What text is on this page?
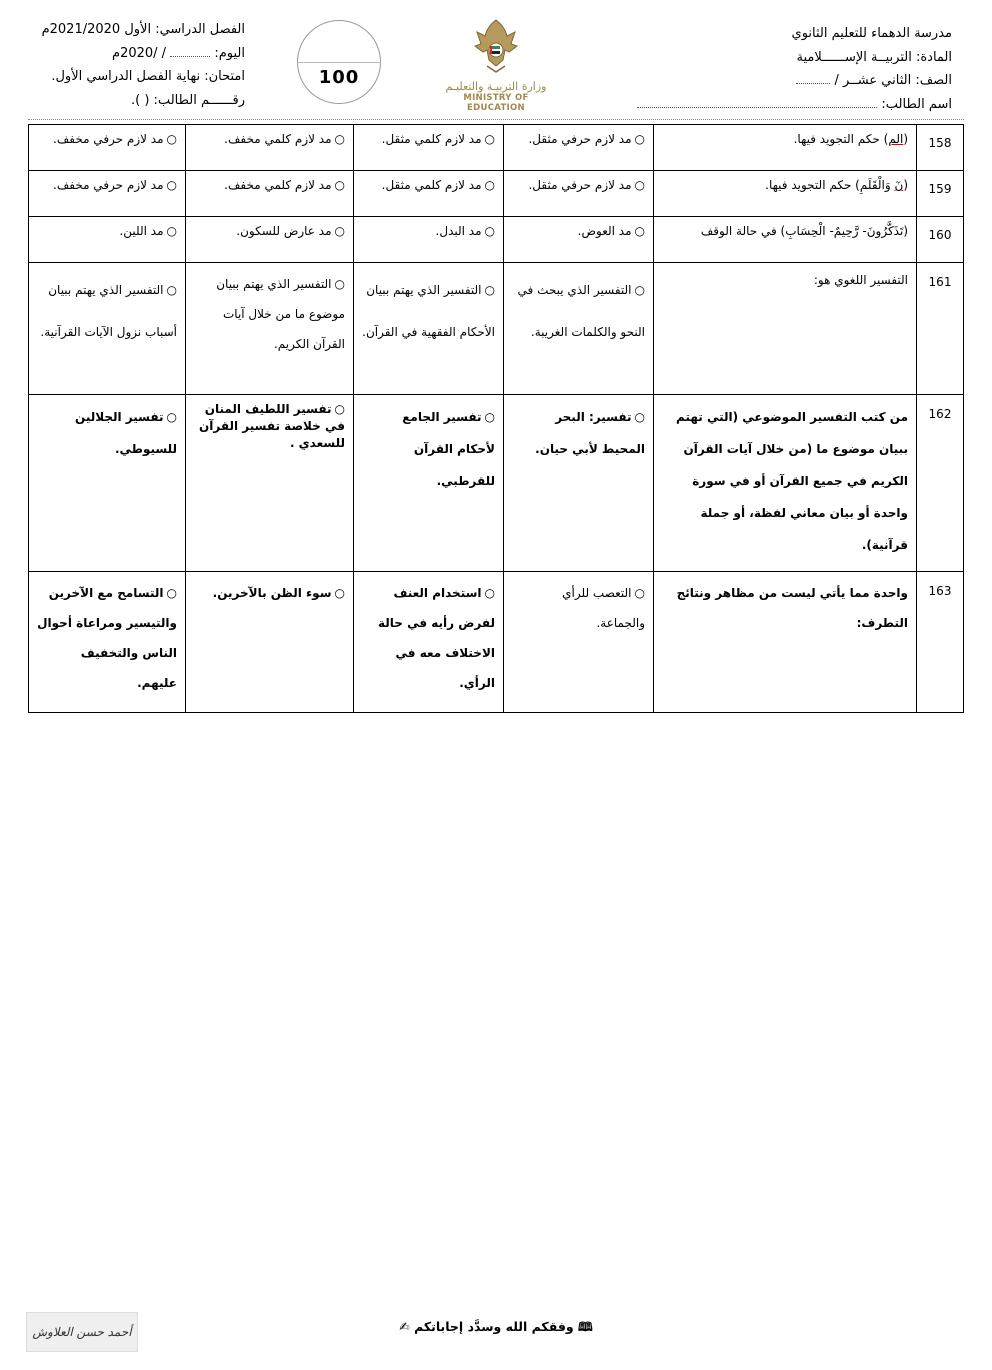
مدرسة الدهماء للتعليم الثانوي
المادة: التربيــة الإســــــلامية
الصف: الثاني عشــر /
اسم الطالب:
الفصل الدراسي: الأول 2021/2020م
اليوم:  / /2020م
امتحان: نهاية الفصل الدراسي الأول.
رقــــــم الطالب: ( ).
100	وزارة التربيـة والتعليـم
MINISTRY OF EDUCATION
158	(الم) حكم التجويد فيها.	○مد لازم حرفي مثقل.	○مد لازم كلمي مثقل.	○مد لازم كلمي مخفف.	○مد لازم حرفي مخفف.
159	(نٓ وَالْقَلَمِ) حكم التجويد فيها.	○مد لازم حرفي مثقل.	○مد لازم كلمي مثقل.	○مد لازم كلمي مخفف.	○مد لازم حرفي مخفف.
160	(تَذَكَّرُونَ- رَّحِيمٌ- الْحِسَابِ) في حالة الوقف	○مد العوض.	○مد البدل.	○مد عارض للسكون.	○مد اللين.
161	التفسير اللغوي هو:	○التفسير الذي يبحث في النحو والكلمات الغريبة.	○التفسير الذي يهتم ببيان الأحكام الفقهية في القرآن.	○التفسير الذي يهتم ببيان موضوع ما من خلال آيات القرآن الكريم.	○التفسير الذي يهتم ببيان أسباب نزول الآيات القرآنية.
162	من كتب التفسير الموضوعي (التي تهتم ببيان موضوع ما (من خلال آيات القرآن الكريم في جميع القرآن أو في سورة واحدة أو بيان معاني لفظة، أو جملة قرآنية).	○تفسير: البحر المحيط لأبي حيان.	○تفسير الجامع لأحكام القرآن للقرطبي.	○تفسير اللطيف المنان في خلاصة تفسير القرآن للسعدي .	○تفسير الجلالين للسيوطي.
163	واحدة مما يأتي ليست من مظاهر ونتائج التطرف:	○التعصب للرأي والجماعة.	○استخدام العنف لفرض رأيه في حالة الاختلاف معه في الرأي.	○سوء الظن بالآخرين.	○التسامح مع الآخرين والتيسير ومراعاة أحوال الناس والتخفيف عليهم.
🕮 وفقكم الله وسدَّد إجاباتكم ✍
أحمد حسن العلاوش
